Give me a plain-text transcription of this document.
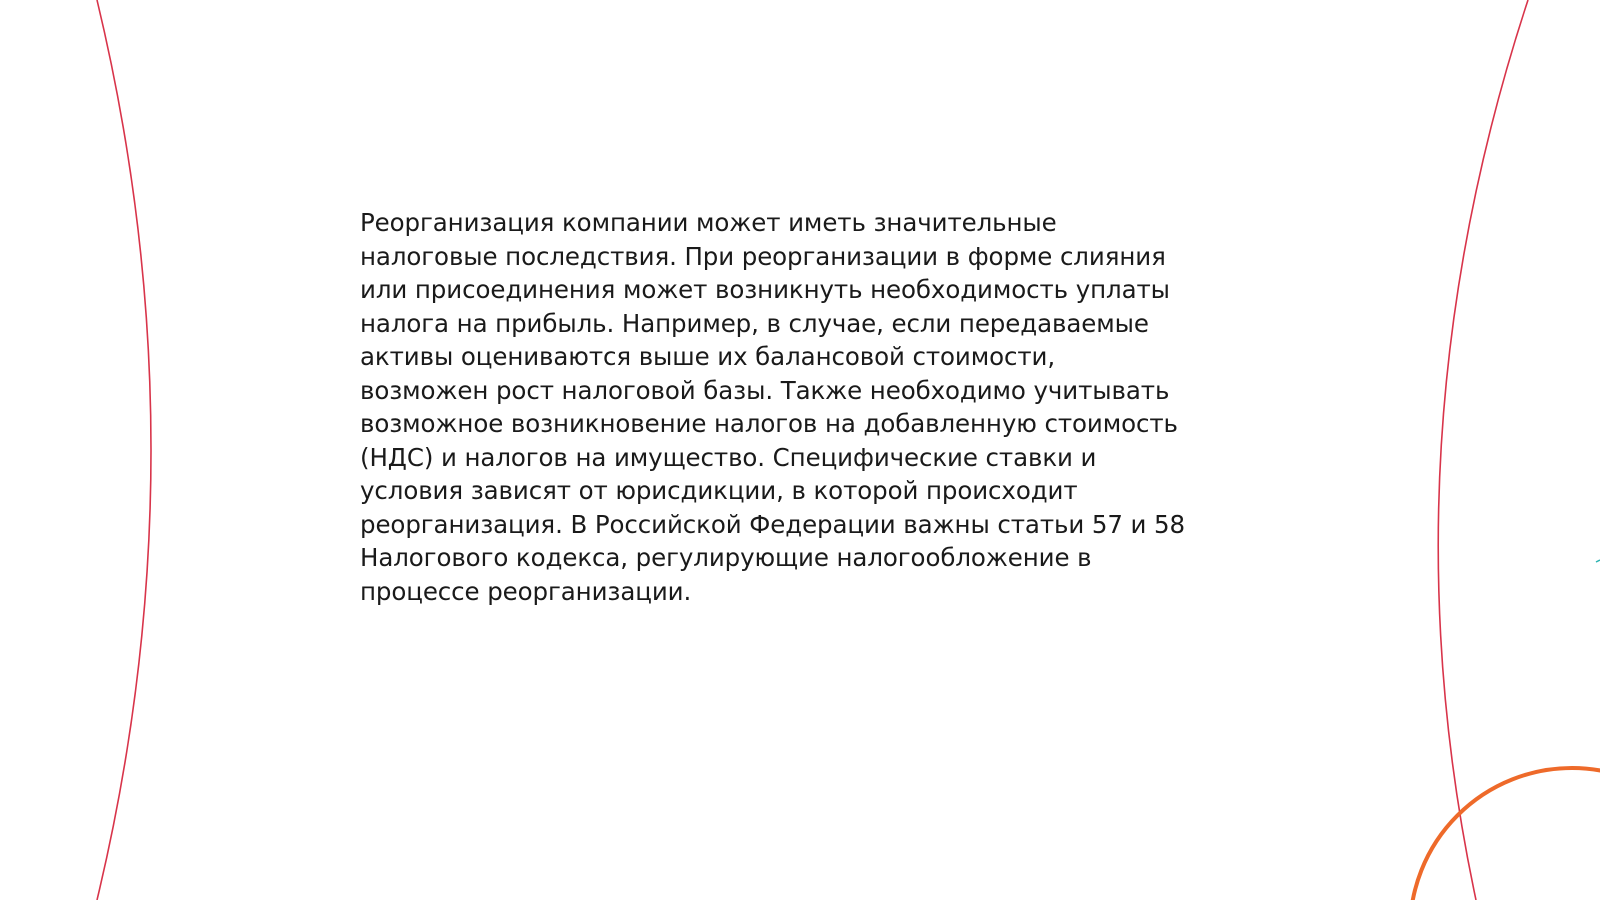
Реорганизация компании может иметь значительные
налоговые последствия. При реорганизации в форме слияния
или присоединения может возникнуть необходимость уплаты
налога на прибыль. Например, в случае, если передаваемые
активы оцениваются выше их балансовой стоимости,
возможен рост налоговой базы. Также необходимо учитывать
возможное возникновение налогов на добавленную стоимость
(НДС) и налогов на имущество. Специфические ставки и
условия зависят от юрисдикции, в которой происходит
реорганизация. В Российской Федерации важны статьи 57 и 58
Налогового кодекса, регулирующие налогообложение в
процессе реорганизации.
